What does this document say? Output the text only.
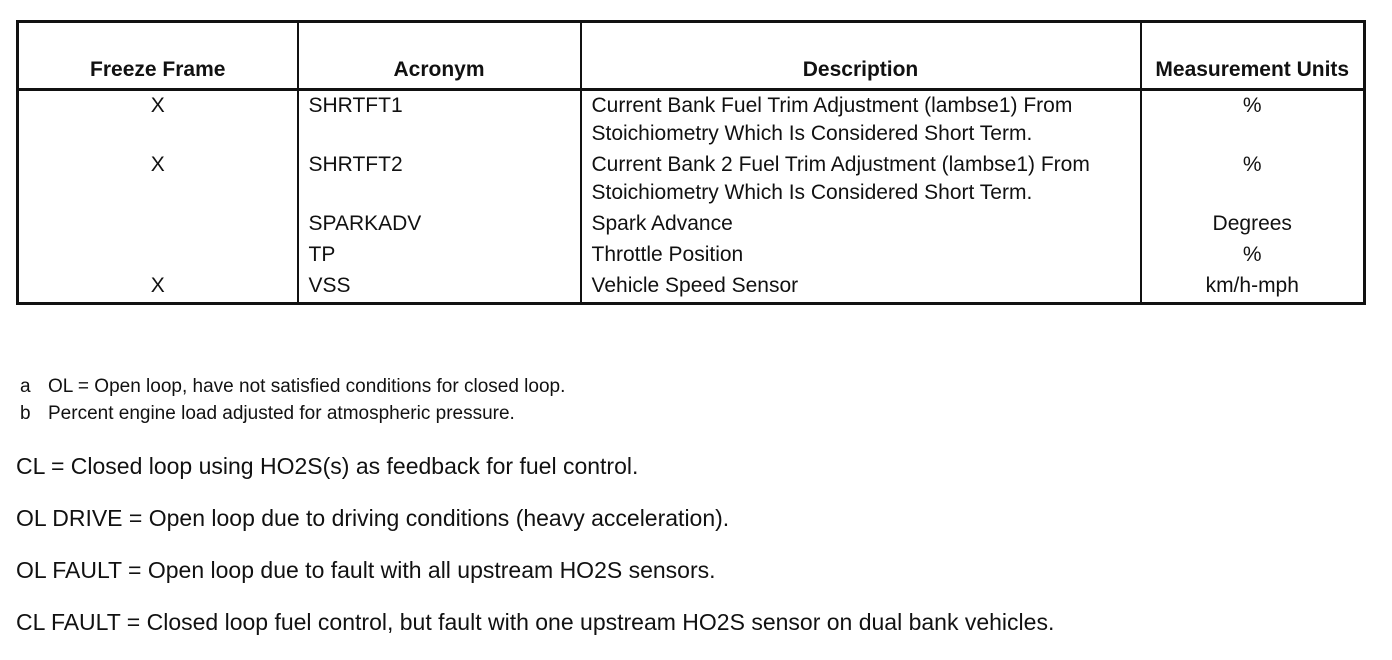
Freeze Frame	Acronym	Description	Measurement Units
X	SHRTFT1	Current Bank Fuel Trim Adjustment (lambse1) From Stoichiometry Which Is Considered Short Term.	%
X	SHRTFT2	Current Bank 2 Fuel Trim Adjustment (lambse1) From Stoichiometry Which Is Considered Short Term.	%
	SPARKADV	Spark Advance	Degrees
	TP	Throttle Position	%
X	VSS	Vehicle Speed Sensor	km/h-mph
a OL = Open loop, have not satisfied conditions for closed loop.
b Percent engine load adjusted for atmospheric pressure.
CL = Closed loop using HO2S(s) as feedback for fuel control.
OL DRIVE = Open loop due to driving conditions (heavy acceleration).
OL FAULT = Open loop due to fault with all upstream HO2S sensors.
CL FAULT = Closed loop fuel control, but fault with one upstream HO2S sensor on dual bank vehicles.
